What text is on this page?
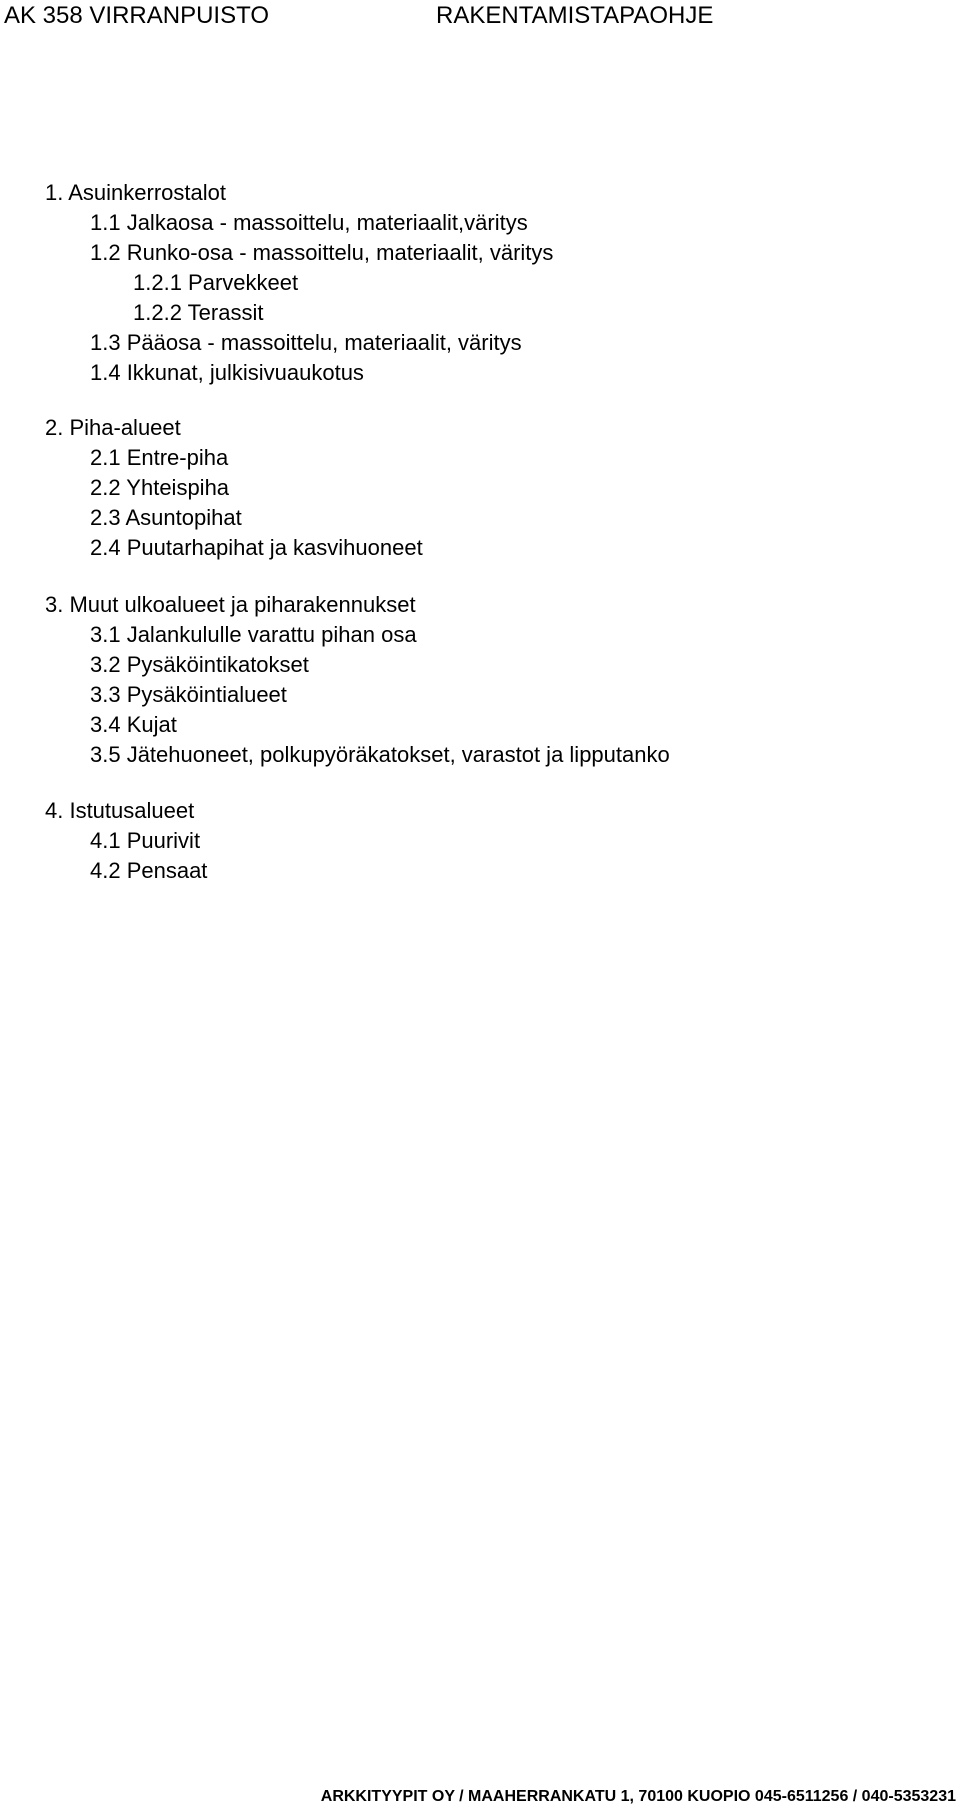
AK 358 VIRRANPUISTO	RAKENTAMISTAPAOHJE
1. Asuinkerrostalot
1.1 Jalkaosa - massoittelu, materiaalit,väritys
1.2 Runko-osa - massoittelu, materiaalit, väritys
1.2.1 Parvekkeet
1.2.2 Terassit
1.3 Pääosa - massoittelu, materiaalit, väritys
1.4 Ikkunat, julkisivuaukotus
2. Piha-alueet
2.1 Entre-piha
2.2 Yhteispiha
2.3 Asuntopihat
2.4 Puutarhapihat ja kasvihuoneet
3. Muut ulkoalueet ja piharakennukset
3.1 Jalankululle varattu pihan osa
3.2 Pysäköintikatokset
3.3 Pysäköintialueet
3.4 Kujat
3.5 Jätehuoneet, polkupyöräkatokset, varastot ja lipputanko
4. Istutusalueet
4.1 Puurivit
4.2 Pensaat
ARKKITYYPIT OY / MAAHERRANKATU 1, 70100 KUOPIO 045-6511256 / 040-5353231
